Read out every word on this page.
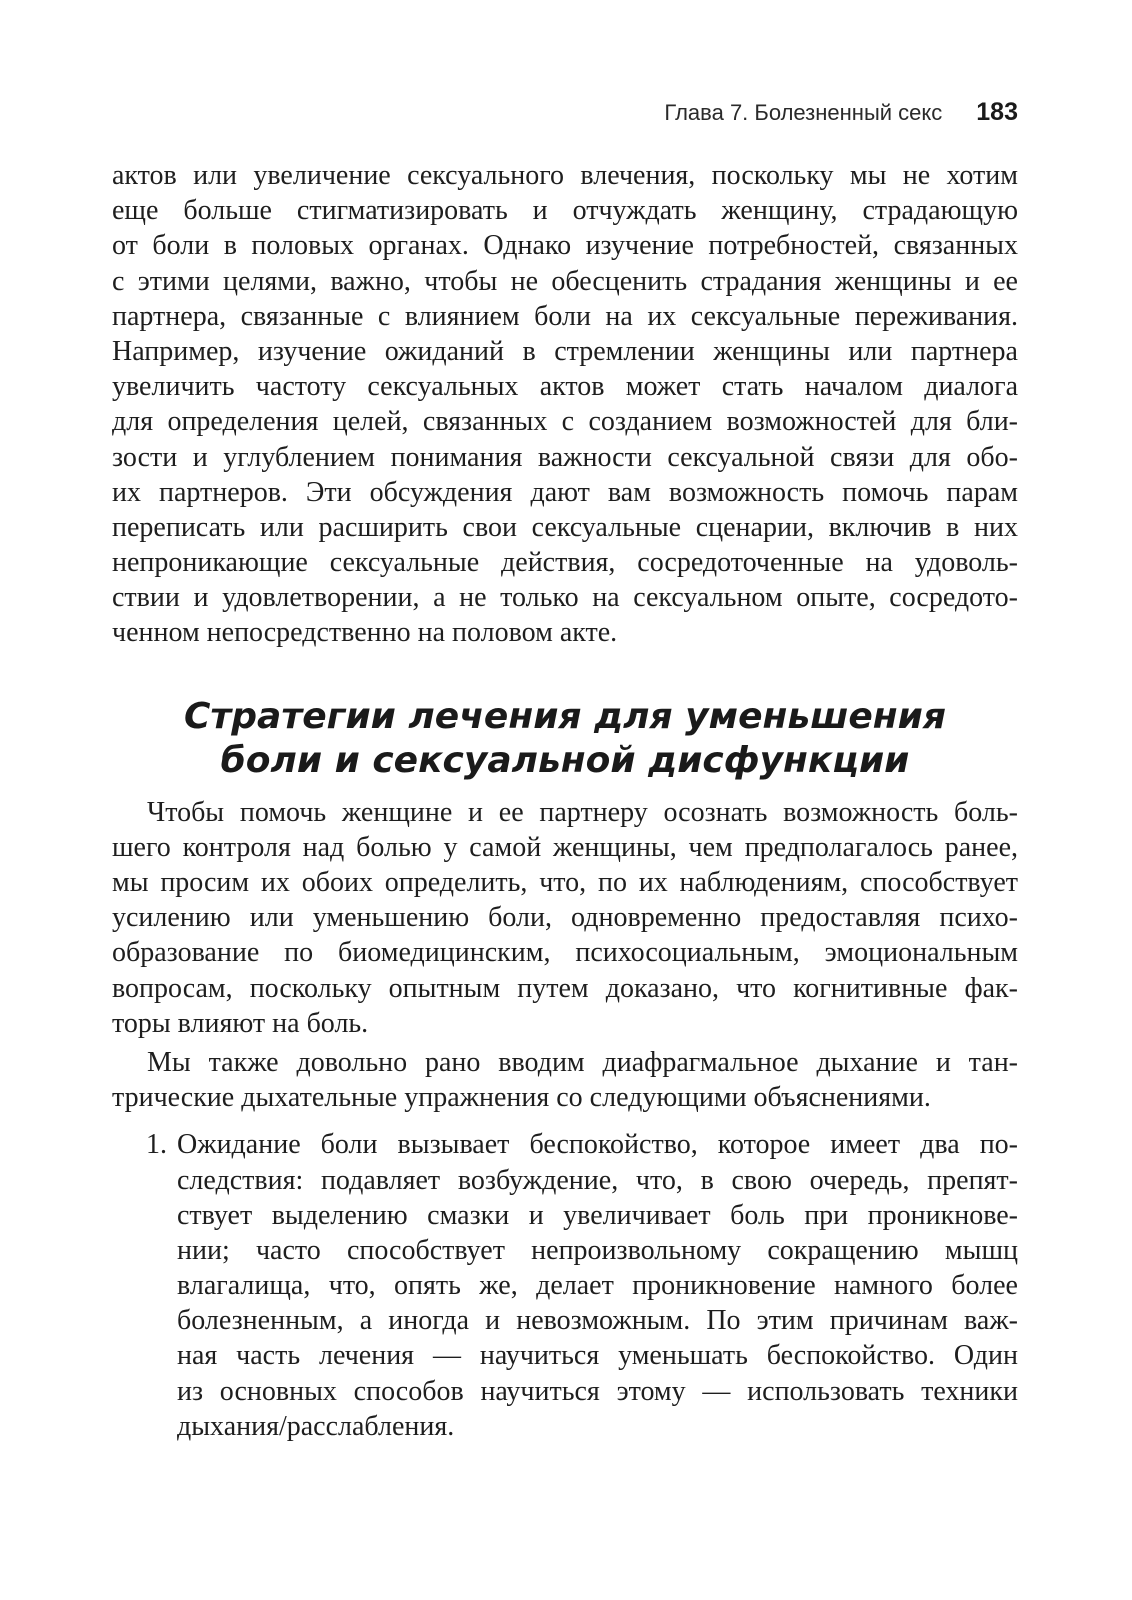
Глава 7. Болезненный секс 183
актов или увеличение сексуального влечения, поскольку мы не хотим
еще больше стигматизировать и отчуждать женщину, страдающую
от боли в половых органах. Однако изучение потребностей, связанных
с этими целями, важно, чтобы не обесценить страдания женщины и ее
партнера, связанные с влиянием боли на их сексуальные переживания.
Например, изучение ожиданий в стремлении женщины или партнера
увеличить частоту сексуальных актов может стать началом диалога
для определения целей, связанных с созданием возможностей для бли-
зости и углублением понимания важности сексуальной связи для обо-
их партнеров. Эти обсуждения дают вам возможность помочь парам
переписать или расширить свои сексуальные сценарии, включив в них
непроникающие сексуальные действия, сосредоточенные на удоволь-
ствии и удовлетворении, а не только на сексуальном опыте, сосредото-
ченном непосредственно на половом акте.
Стратегии лечения для уменьшения
боли и сексуальной дисфункции
Чтобы помочь женщине и ее партнеру осознать возможность боль-
шего контроля над болью у самой женщины, чем предполагалось ранее,
мы просим их обоих определить, что, по их наблюдениям, способствует
усилению или уменьшению боли, одновременно предоставляя психо-
образование по биомедицинским, психосоциальным, эмоциональным
вопросам, поскольку опытным путем доказано, что когнитивные фак-
торы влияют на боль.
Мы также довольно рано вводим диафрагмальное дыхание и тан-
трические дыхательные упражнения со следующими объяснениями.
1. Ожидание боли вызывает беспокойство, которое имеет два по-
следствия: подавляет возбуждение, что, в свою очередь, препят-
ствует выделению смазки и увеличивает боль при проникнове-
нии; часто способствует непроизвольному сокращению мышц
влагалища, что, опять же, делает проникновение намного более
болезненным, а иногда и невозможным. По этим причинам важ-
ная часть лечения — научиться уменьшать беспокойство. Один
из основных способов научиться этому — использовать техники
дыхания/расслабления.
